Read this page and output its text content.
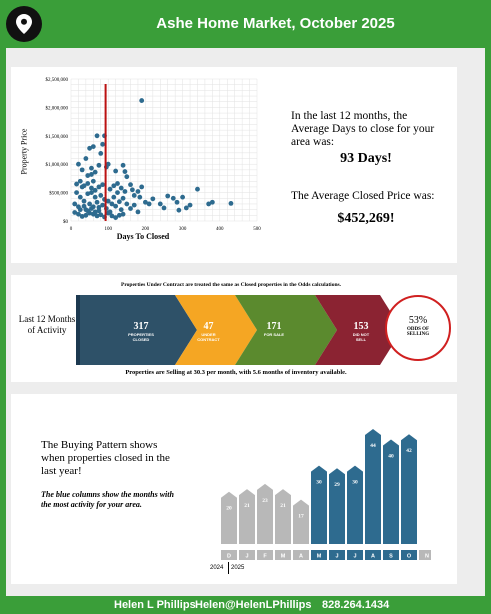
Ashe Home Market, October 2025
$0
$500,000
$1,000,000
$1,500,000
$2,000,000
$2,500,000
0	100	200	300	400	500
Property Price
Days To Closed
In the last 12 months, the Average Days to close for your area was:
93 Days!
The Average Closed Price was:
$452,269!
Properties Under Contract are treated the same as Closed properties in the Odds calculations.
Last 12 Months of Activity	317
PROPERTIES CLOSED
47
UNDER CONTRACT
171
FOR SALE
153
DID NOT SELL
53%
ODDS OF SELLING
Properties are Selling at 30.3 per month, with 5.6 months of inventory available.
The Buying Pattern shows when properties closed in the last year!
The blue columns show the months with the most activity for your area.	20
D
21
J
23
F
21
M
17
A
30
M
29
J
30
J
44
A
40
S
42
O	N
2024 2025
Helen L Phillips Helen@HelenLPhillips 828.264.1434
